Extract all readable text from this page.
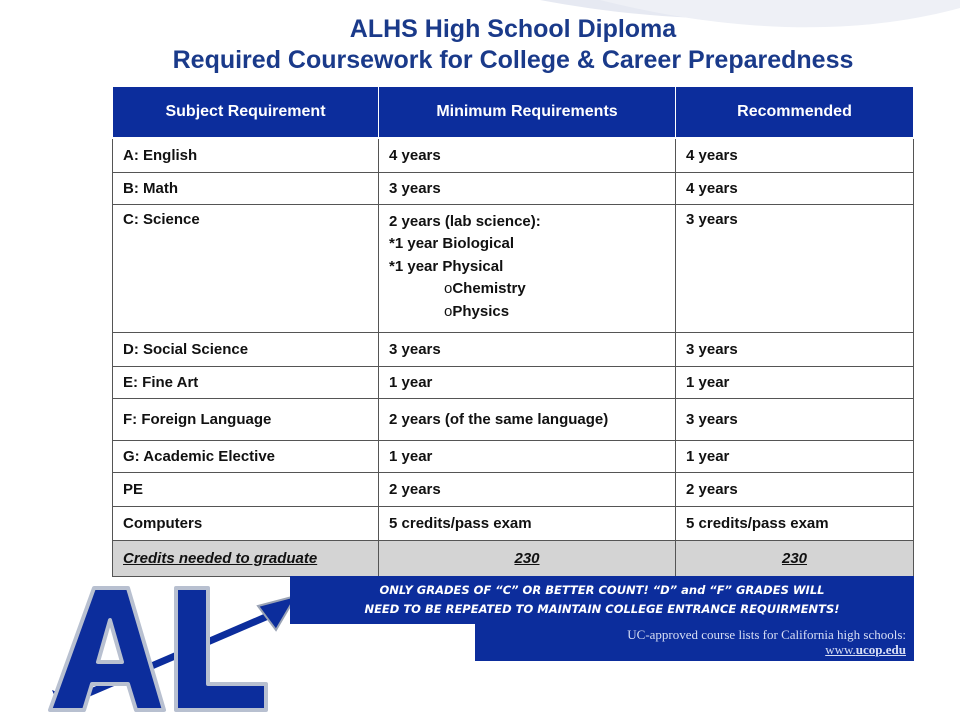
ALHS High School Diploma
Required Coursework for College & Career Preparedness
Subject Requirement	Minimum Requirements	Recommended
A: English	4 years	4 years
B: Math	3 years	4 years
C: Science	2 years (lab science):
*1 year Biological
*1 year Physical
oChemistry
oPhysics	3 years
D: Social Science	3 years	3 years
E: Fine Art	1 year	1 year
F: Foreign Language	2 years (of the same language)	3 years
G: Academic Elective	1 year	1 year
PE	2 years	2 years
Computers	5 credits/pass exam	5 credits/pass exam
Credits needed to graduate	230	230
ONLY GRADES OF “C” OR BETTER COUNT! “D” and “F” GRADES WILL
NEED TO BE REPEATED TO MAINTAIN COLLEGE ENTRANCE REQUIRMENTS!
UC-approved course lists for California high schools:
www.ucop.edu
